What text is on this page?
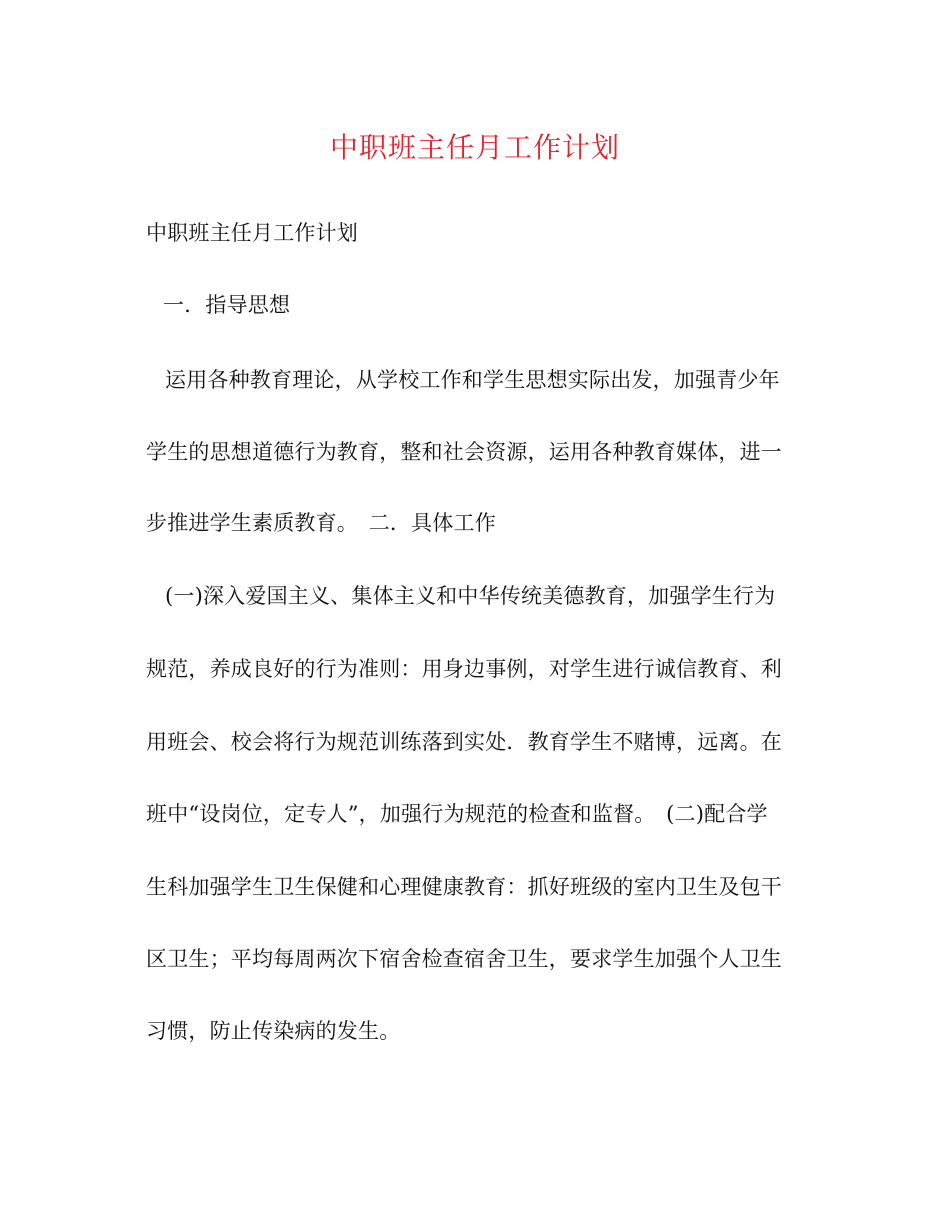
中职班主任月工作计划
中职班主任月工作计划
一．指导思想
运用各种教育理论，从学校工作和学生思想实际出发，加强青少年
学生的思想道德行为教育，整和社会资源，运用各种教育媒体，进一
步推进学生素质教育。　二．具体工作
(一)深入爱国主义、集体主义和中华传统美德教育，加强学生行为
规范，养成良好的行为准则：用身边事例，对学生进行诚信教育、利
用班会、校会将行为规范训练落到实处．教育学生不赌博，远离。在
班中“设岗位，定专人”，加强行为规范的检查和监督。　(二)配合学
生科加强学生卫生保健和心理健康教育：抓好班级的室内卫生及包干
区卫生；平均每周两次下宿舍检查宿舍卫生，要求学生加强个人卫生
习惯，防止传染病的发生。
